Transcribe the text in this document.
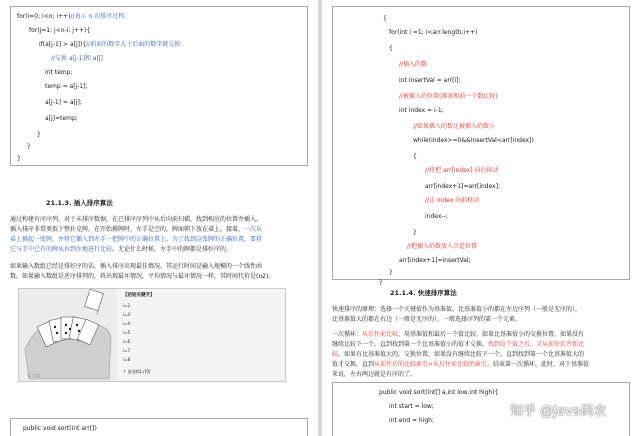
for(i=0; i<n; i++)//表示 n 次排序过程。
for(j=1; j<n-i; j++){
if(a[j-1] > a[j]){//前面的数字大于后面的数字就交换
//交换 a[j-1]和 a[j]
int temp;
temp = a[j-1];
a[j-1] = a[j];
a[j]=temp;
}
}
}
21.1.3. 插入排序算法
通过构建有序序列，对于未排序数据，在已排序序列中从后向前扫描，找到相应的位置并插入。
插入排序非常类似于整扑克牌。在开始摸牌时，左手是空的，牌面朝下放在桌上。接着，一次从
桌上摸起一张牌，并将它插入到左手一把牌中的正确位置上。为了找到这张牌的正确位置，要将
它与手中已有的牌从右到左地进行比较。无论什么时候，左手中的牌都是排好序的。
如果输入数组已经是排好序的话，插入排序出现最佳情况，其运行时间是输入规模的一个线性函
数。如果输入数组是逆序排列的，将出现最坏情况。平均情况与最坏情况一样，其时间代价是(n2)。
【初始关键字】
i=2
i=3
i=4
i=5
i=6
i=7
i=8
↑ 监视哨L.r[0]
© 百度
public void sort(int arr[])
{
for(int i =1; i<arr.length;i++)
{
//插入的数
int insertVal = arr[i];
//被插入的位置(准备和前一个数比较)
int index = i-1;
//如果插入的数比被插入的数小
while(index>=0&&insertVal<arr[index])
{
//将把 arr[index] 向后移动
arr[index+1]=arr[index];
//让 index 向前移动
index--;
}
//把插入的数放入合适位置
arr[index+1]=insertVal;
}
}
21.1.4. 快速排序算法
快速排序的原理：选择一个关键值作为基准值。比基准值小的都在左边序列（一般是无序的），
比基准值大的都在右边（一般是无序的）。一般选择序列的第一个元素。
一次循环：从后往前比较，用基准值和最后一个值比较，如果比基准值小的交换位置，如果没有
继续比较下一个，直到找到第一个比基准值小的值才交换。找到这个值之后，又从前往后开始比
较，如果有比基准值大的，交换位置，如果没有继续比较下一个，直到找到第一个比基准值大的
值才交换。直到从前往后的比较索引>从后往前比较的索引，结束第一次循环，此时，对于基准值
来说，左右两边就是有序的了。
public void sort(int[] a,int low,int high){
int start = low;
int end = high;
知乎 @Java码农
